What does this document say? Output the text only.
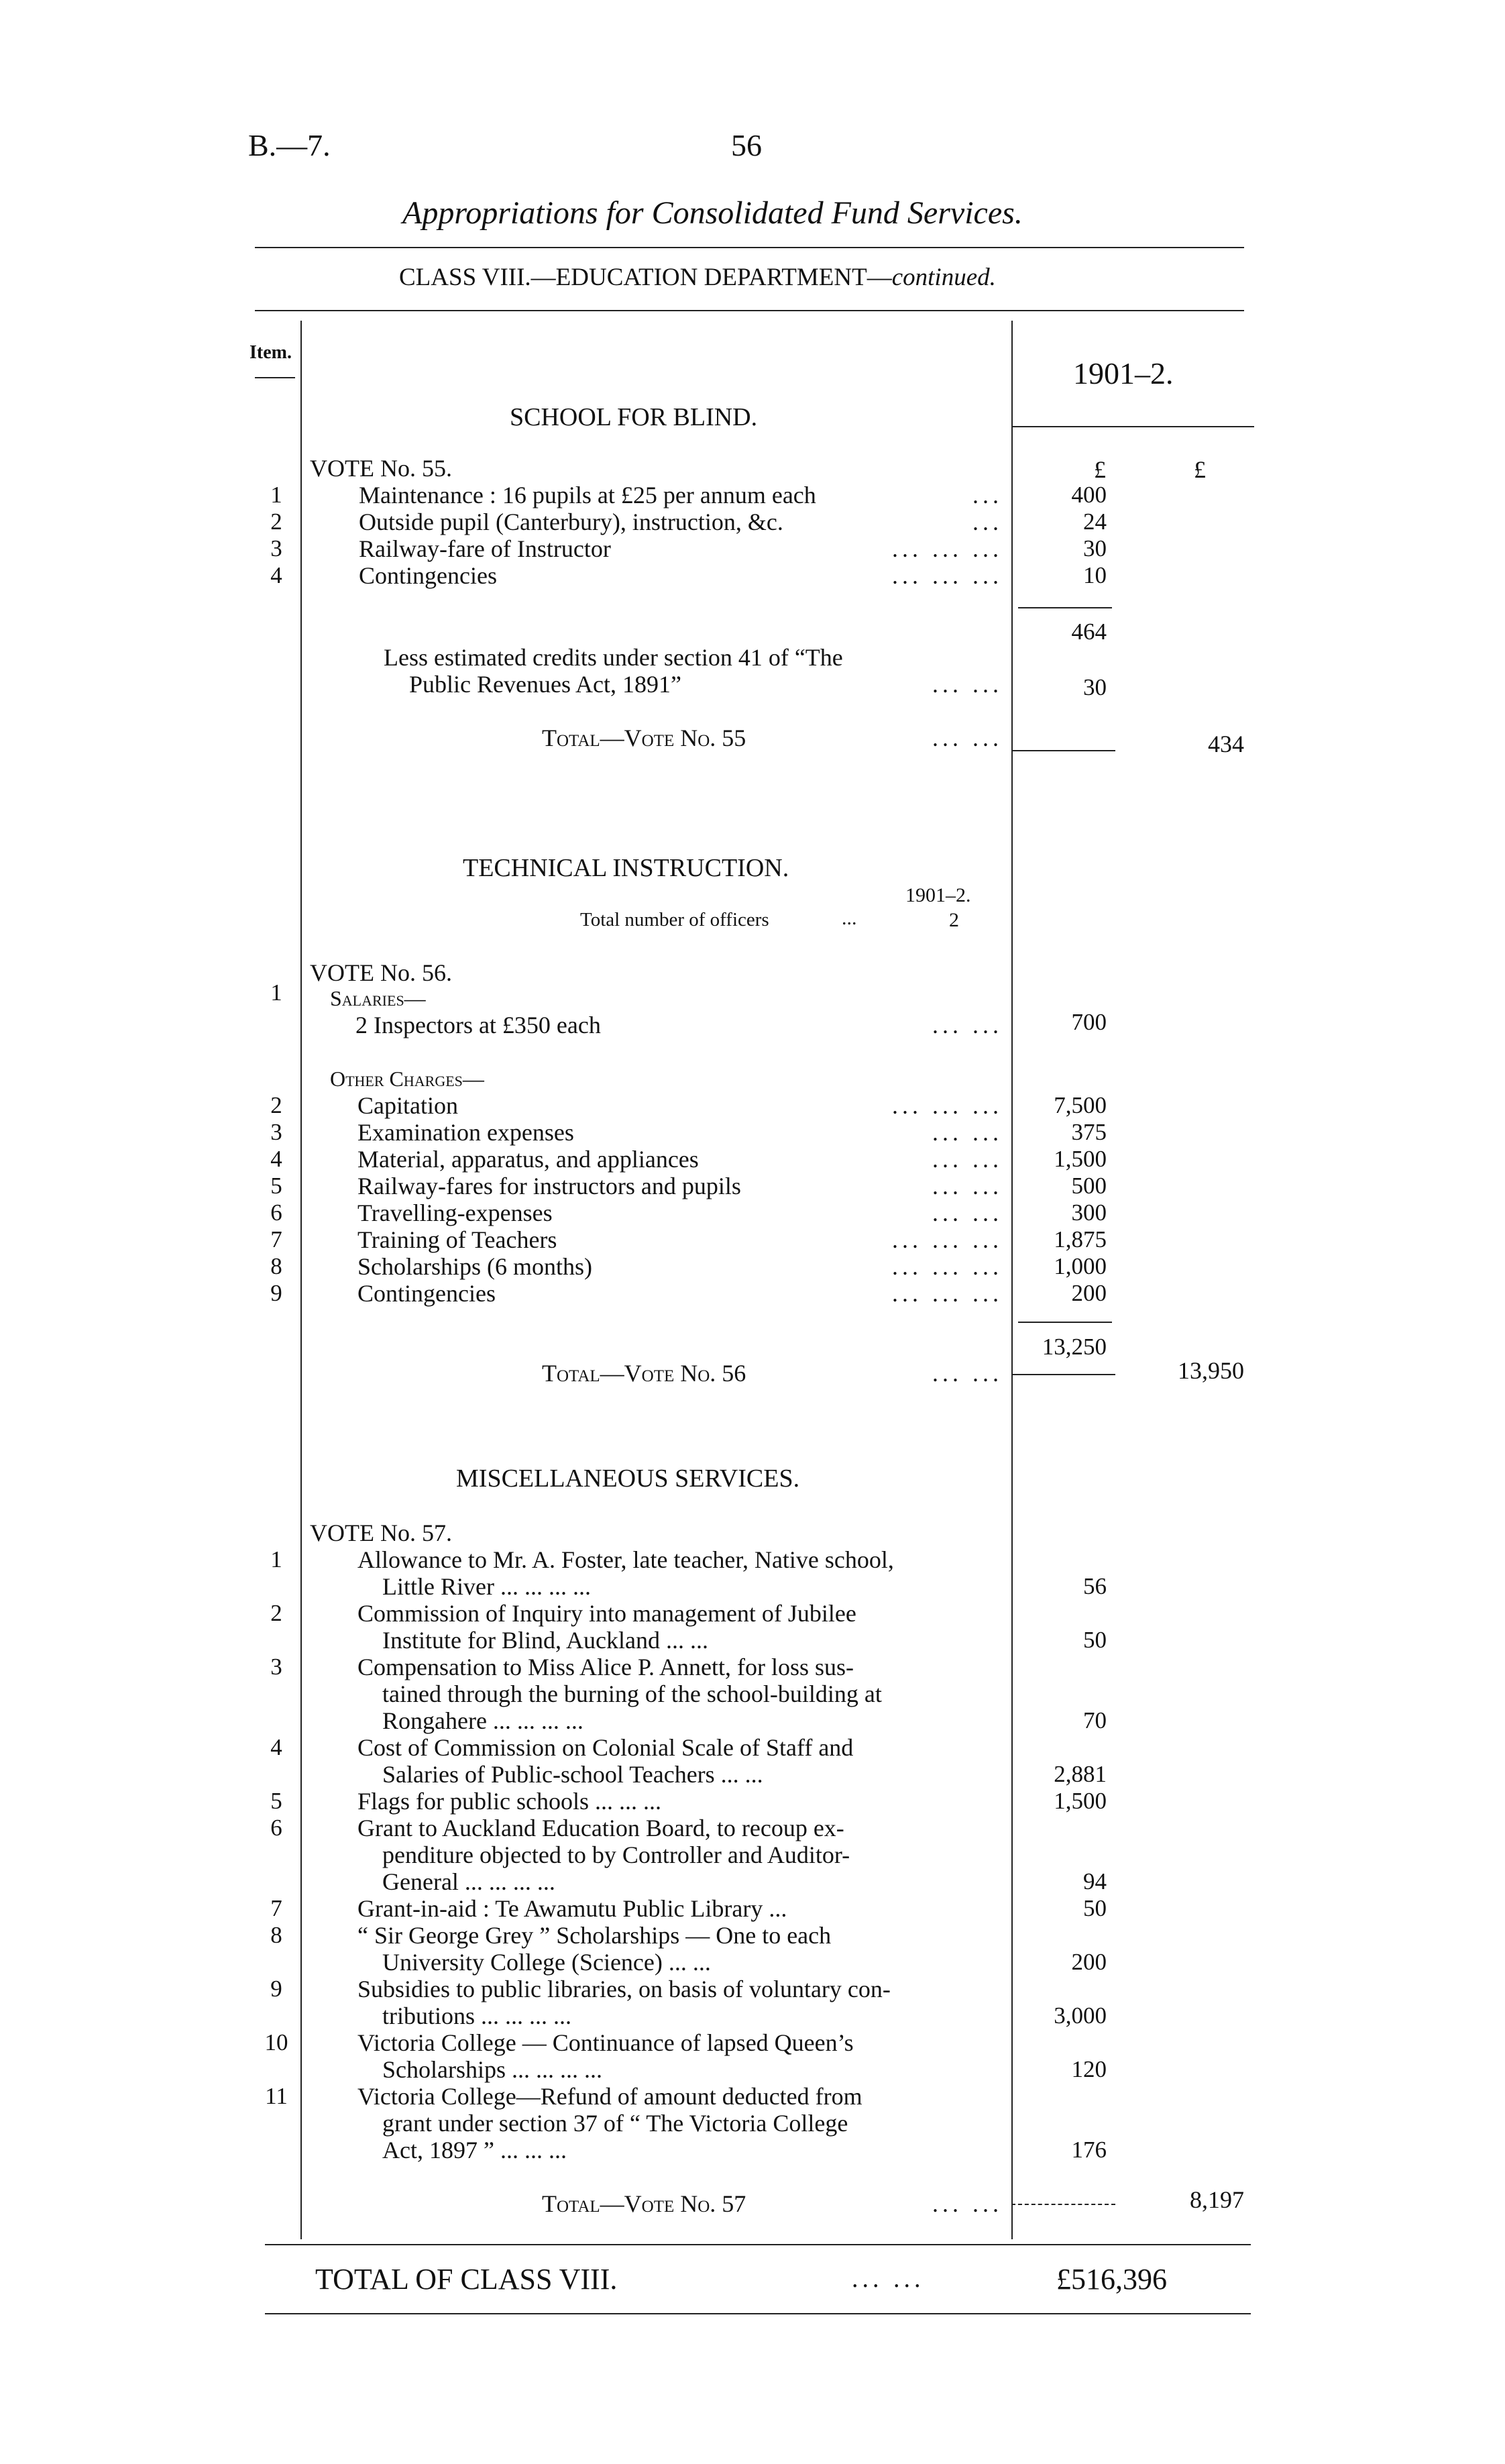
B.—7.	56
Appropriations for Consolidated Fund Services.
CLASS VIII.—EDUCATION DEPARTMENT—continued.
Item.
1901–2.
SCHOOL FOR BLIND.
£	£
VOTE No. 55.
1	Maintenance : 16 pupils at £25 per annum each	...	400
2	Outside pupil (Canterbury), instruction, &c.	...	24
3	Railway-fare of Instructor	... ... ...	30
4	Contingencies	... ... ...	10
464
Less estimated credits under section 41 of “The
Public Revenues Act, 1891”	... ...	30
Total—Vote No. 55	... ...	434
TECHNICAL INSTRUCTION.
1901–2.
Total number of officers	...	2
VOTE No. 56.
1	Salaries—
2 Inspectors at £350 each	... ...	700
Other Charges—
2	Capitation	... ... ...	7,500
3	Examination expenses	... ...	375
4	Material, apparatus, and appliances	... ...	1,500
5	Railway-fares for instructors and pupils	... ...	500
6	Travelling-expenses	... ...	300
7	Training of Teachers	... ... ...	1,875
8	Scholarships (6 months)	... ... ...	1,000
9	Contingencies	... ... ...	200
13,250
Total—Vote No. 56	... ...	13,950
MISCELLANEOUS SERVICES.
VOTE No. 57.
1	Allowance to Mr. A. Foster, late teacher, Native school,
Little River ... ... ... ...	56
2	Commission of Inquiry into management of Jubilee
Institute for Blind, Auckland ... ...	50
3	Compensation to Miss Alice P. Annett, for loss sus-
tained through the burning of the school-building at
Rongahere ... ... ... ...	70
4	Cost of Commission on Colonial Scale of Staff and
Salaries of Public-school Teachers ... ...	2,881
5	Flags for public schools ... ... ...	1,500
6	Grant to Auckland Education Board, to recoup ex-
penditure objected to by Controller and Auditor-
General ... ... ... ...	94
7	Grant-in-aid : Te Awamutu Public Library ...	50
8	“ Sir George Grey ” Scholarships — One to each
University College (Science) ... ...	200
9	Subsidies to public libraries, on basis of voluntary con-
tributions ... ... ... ...	3,000
10	Victoria College — Continuance of lapsed Queen’s
Scholarships ... ... ... ...	120
11	Victoria College—Refund of amount deducted from
grant under section 37 of “ The Victoria College
Act, 1897 ” ... ... ...	176
Total—Vote No. 57	... ...	8,197
TOTAL OF CLASS VIII.	... ...	£516,396
